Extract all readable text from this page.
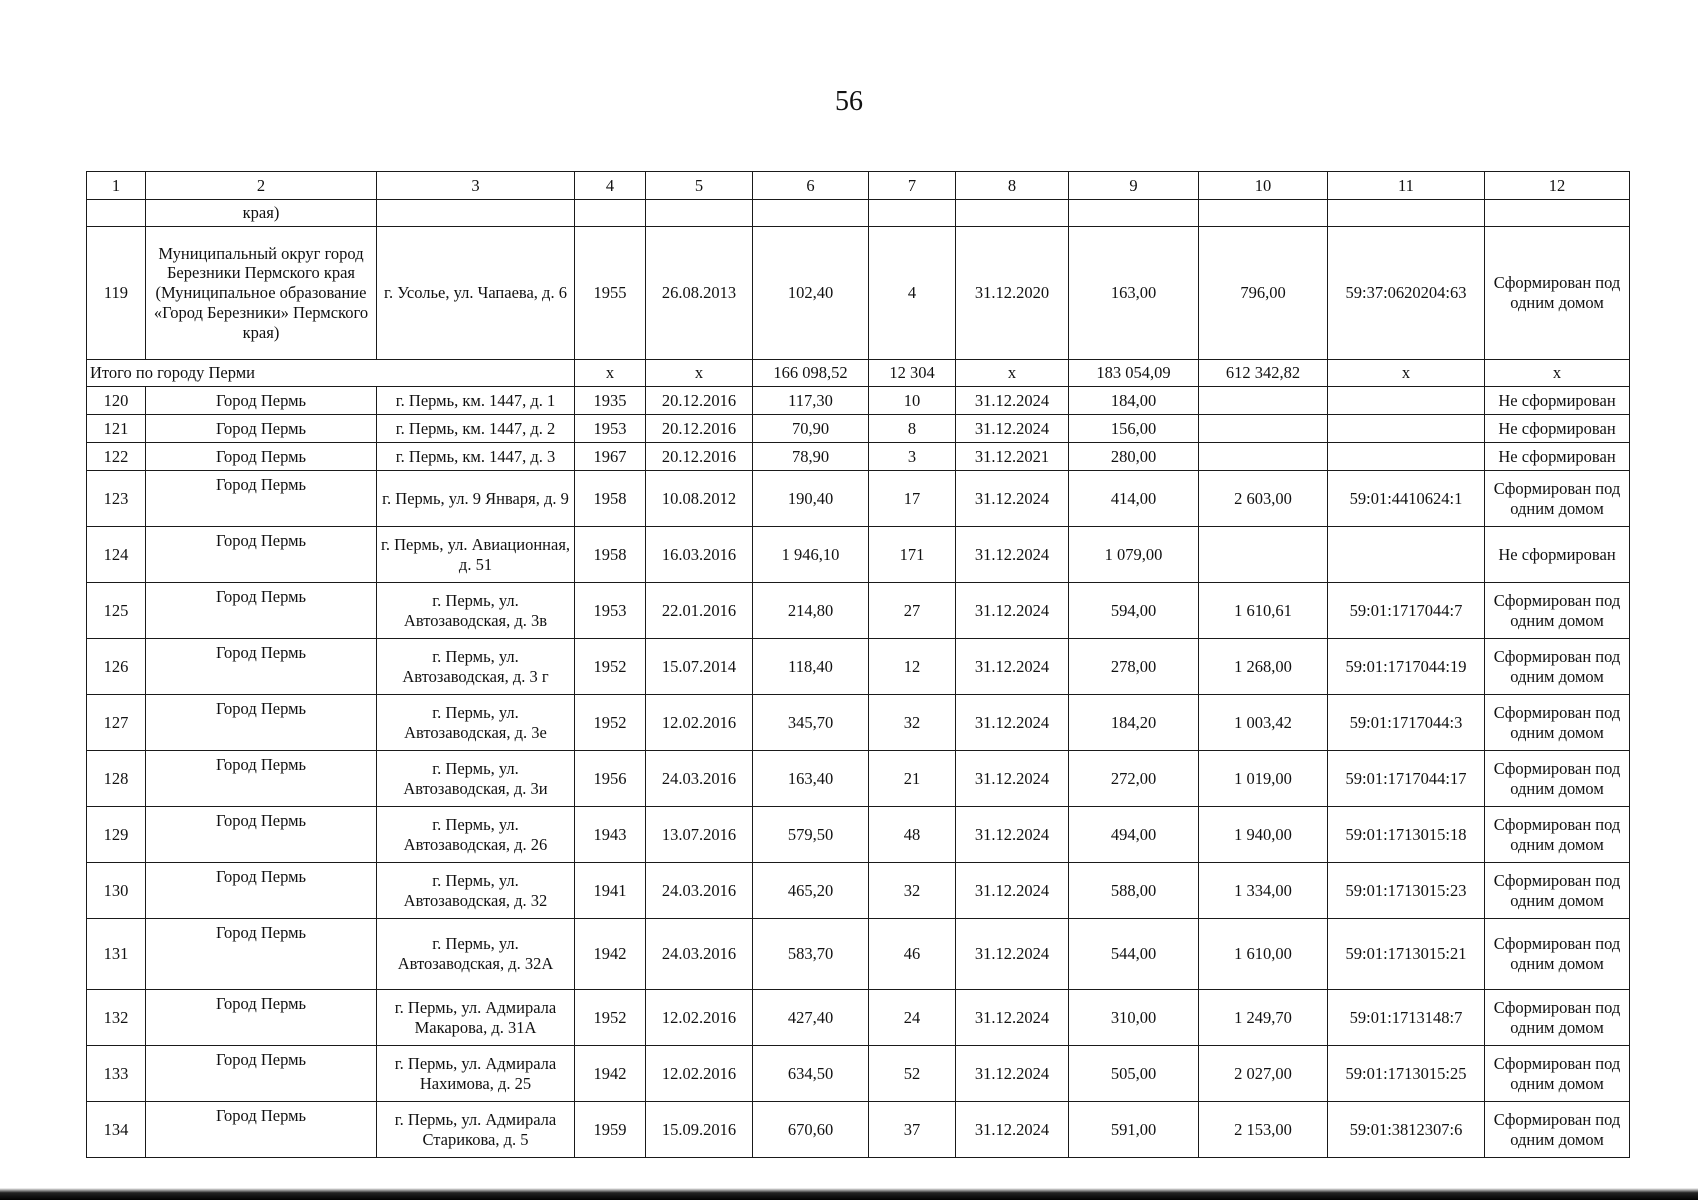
56
1	2	3	4	5	6	7	8	9	10	11	12
	края)										
119	Муниципальный округ город Березники Пермского края (Муниципальное образование «Город Березники» Пермского края)	г. Усолье, ул. Чапаева, д. 6	1955	26.08.2013	102,40	4	31.12.2020	163,00	796,00	59:37:0620204:63	Сформирован под одним домом
Итого по городу Перми			х	х	166 098,52	12 304	х	183 054,09	612 342,82	х	х
120	Город Пермь	г. Пермь, км. 1447, д. 1	1935	20.12.2016	117,30	10	31.12.2024	184,00			Не сформирован
121	Город Пермь	г. Пермь, км. 1447, д. 2	1953	20.12.2016	70,90	8	31.12.2024	156,00			Не сформирован
122	Город Пермь	г. Пермь, км. 1447, д. 3	1967	20.12.2016	78,90	3	31.12.2021	280,00			Не сформирован
123	Город Пермь	г. Пермь, ул. 9 Января, д. 9	1958	10.08.2012	190,40	17	31.12.2024	414,00	2 603,00	59:01:4410624:1	Сформирован под одним домом
124	Город Пермь	г. Пермь, ул. Авиационная, д. 51	1958	16.03.2016	1 946,10	171	31.12.2024	1 079,00			Не сформирован
125	Город Пермь	г. Пермь, ул. Автозаводская, д. 3в	1953	22.01.2016	214,80	27	31.12.2024	594,00	1 610,61	59:01:1717044:7	Сформирован под одним домом
126	Город Пермь	г. Пермь, ул. Автозаводская, д. 3 г	1952	15.07.2014	118,40	12	31.12.2024	278,00	1 268,00	59:01:1717044:19	Сформирован под одним домом
127	Город Пермь	г. Пермь, ул. Автозаводская, д. 3е	1952	12.02.2016	345,70	32	31.12.2024	184,20	1 003,42	59:01:1717044:3	Сформирован под одним домом
128	Город Пермь	г. Пермь, ул. Автозаводская, д. 3и	1956	24.03.2016	163,40	21	31.12.2024	272,00	1 019,00	59:01:1717044:17	Сформирован под одним домом
129	Город Пермь	г. Пермь, ул. Автозаводская, д. 26	1943	13.07.2016	579,50	48	31.12.2024	494,00	1 940,00	59:01:1713015:18	Сформирован под одним домом
130	Город Пермь	г. Пермь, ул. Автозаводская, д. 32	1941	24.03.2016	465,20	32	31.12.2024	588,00	1 334,00	59:01:1713015:23	Сформирован под одним домом
131	Город Пермь	г. Пермь, ул. Автозаводская, д. 32А	1942	24.03.2016	583,70	46	31.12.2024	544,00	1 610,00	59:01:1713015:21	Сформирован под одним домом
132	Город Пермь	г. Пермь, ул. Адмирала Макарова, д. 31А	1952	12.02.2016	427,40	24	31.12.2024	310,00	1 249,70	59:01:1713148:7	Сформирован под одним домом
133	Город Пермь	г. Пермь, ул. Адмирала Нахимова, д. 25	1942	12.02.2016	634,50	52	31.12.2024	505,00	2 027,00	59:01:1713015:25	Сформирован под одним домом
134	Город Пермь	г. Пермь, ул. Адмирала Старикова, д. 5	1959	15.09.2016	670,60	37	31.12.2024	591,00	2 153,00	59:01:3812307:6	Сформирован под одним домом
